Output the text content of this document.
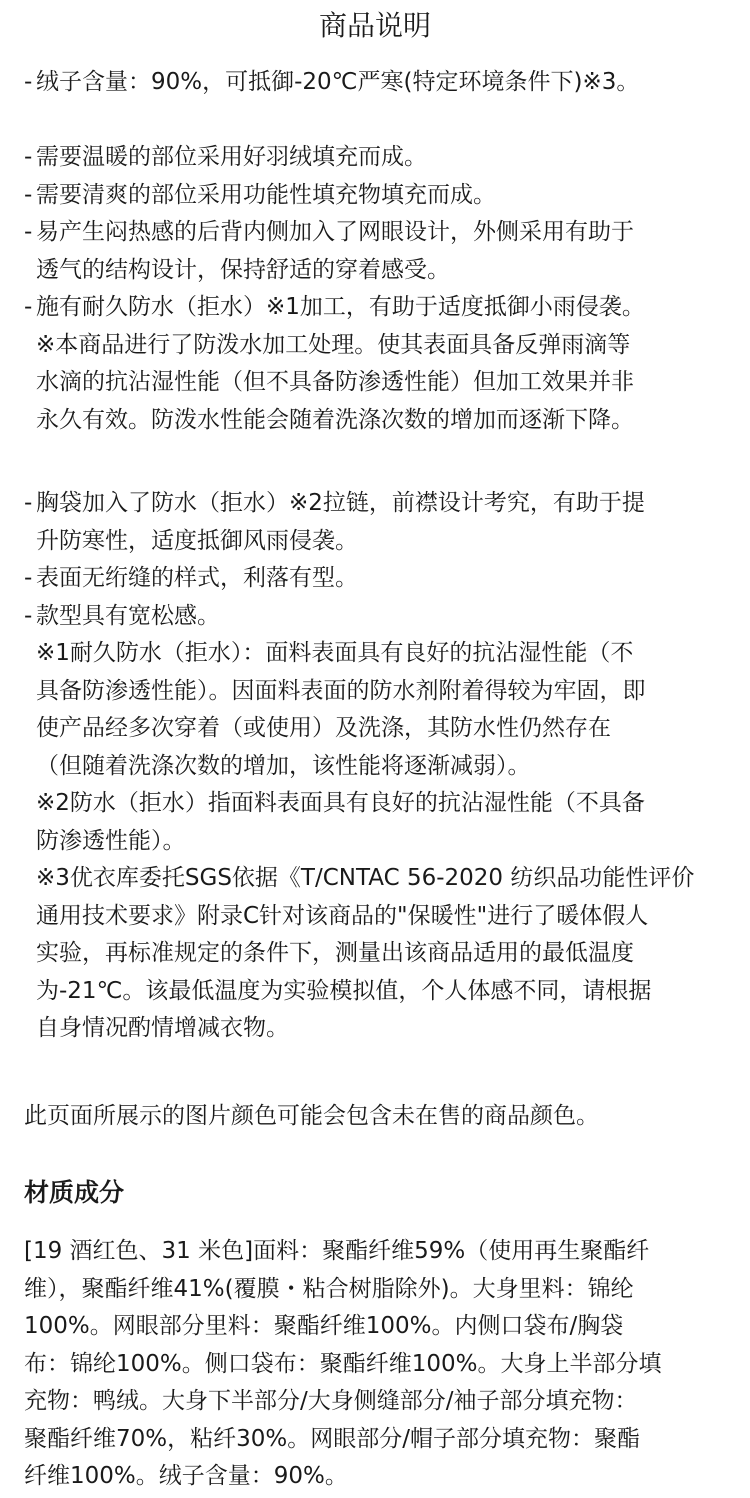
商品说明
- 绒子含量：90%，可抵御-20℃严寒(特定环境条件下)※3。
- 需要温暖的部位采用好羽绒填充而成。
- 需要清爽的部位采用功能性填充物填充而成。
- 易产生闷热感的后背内侧加入了网眼设计，外侧采用有助于
透气的结构设计，保持舒适的穿着感受。
- 施有耐久防水（拒水）※1加工，有助于适度抵御小雨侵袭。
※本商品进行了防泼水加工处理。使其表面具备反弹雨滴等
水滴的抗沾湿性能（但不具备防渗透性能）但加工效果并非
永久有效。防泼水性能会随着洗涤次数的增加而逐渐下降。
- 胸袋加入了防水（拒水）※2拉链，前襟设计考究，有助于提
升防寒性，适度抵御风雨侵袭。
- 表面无绗缝的样式，利落有型。
- 款型具有宽松感。
※1耐久防水（拒水）：面料表面具有良好的抗沾湿性能（不
具备防渗透性能）。因面料表面的防水剂附着得较为牢固，即
使产品经多次穿着（或使用）及洗涤，其防水性仍然存在
（但随着洗涤次数的增加，该性能将逐渐减弱）。
※2防水（拒水）指面料表面具有良好的抗沾湿性能（不具备
防渗透性能）。
※3优衣库委托SGS依据《T/CNTAC 56-2020 纺织品功能性评价
通用技术要求》附录C针对该商品的"保暖性"进行了暖体假人
实验，再标准规定的条件下，测量出该商品适用的最低温度
为-21℃。该最低温度为实验模拟值，个人体感不同，请根据
自身情况酌情增减衣物。
此页面所展示的图片颜色可能会包含未在售的商品颜色。
材质成分
[19 酒红色、31 米色]面料：聚酯纤维59%（使用再生聚酯纤
维），聚酯纤维41%(覆膜・粘合树脂除外)。大身里料：锦纶
100%。网眼部分里料：聚酯纤维100%。内侧口袋布/胸袋
布：锦纶100%。侧口袋布：聚酯纤维100%。大身上半部分填
充物：鸭绒。大身下半部分/大身侧缝部分/袖子部分填充物：
聚酯纤维70%，粘纤30%。网眼部分/帽子部分填充物：聚酯
纤维100%。绒子含量：90%。
